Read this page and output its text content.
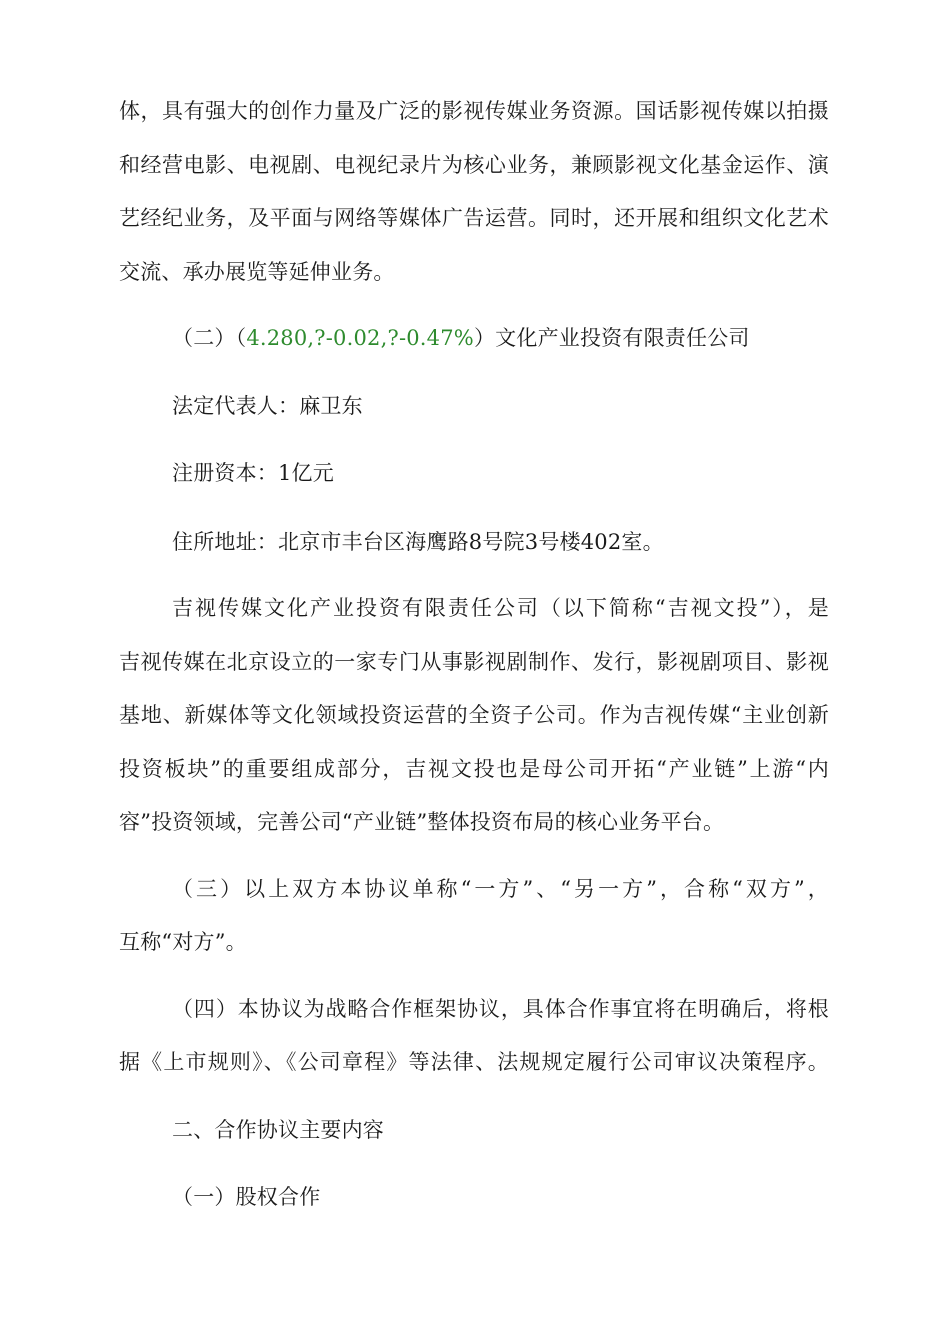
体，具有强大的创作力量及广泛的影视传媒业务资源。国话影视传媒以拍摄
和经营电影、电视剧、电视纪录片为核心业务，兼顾影视文化基金运作、演
艺经纪业务，及平面与网络等媒体广告运营。同时，还开展和组织文化艺术
交流、承办展览等延伸业务。
（二）（4.280,?-0.02,?-0.47%）文化产业投资有限责任公司
法定代表人：麻卫东
注册资本：1亿元
住所地址：北京市丰台区海鹰路8号院3号楼402室。
吉视传媒文化产业投资有限责任公司（以下简称“吉视文投”），是
吉视传媒在北京设立的一家专门从事影视剧制作、发行，影视剧项目、影视
基地、新媒体等文化领域投资运营的全资子公司。作为吉视传媒“主业创新
投资板块”的重要组成部分，吉视文投也是母公司开拓“产业链”上游“内
容”投资领域，完善公司“产业链”整体投资布局的核心业务平台。
（三）以上双方本协议单称“一方”、“另一方”，合称“双方”，
互称“对方”。
（四）本协议为战略合作框架协议，具体合作事宜将在明确后，将根
据《上市规则》、《公司章程》等法律、法规规定履行公司审议决策程序。
二、合作协议主要内容
（一）股权合作
